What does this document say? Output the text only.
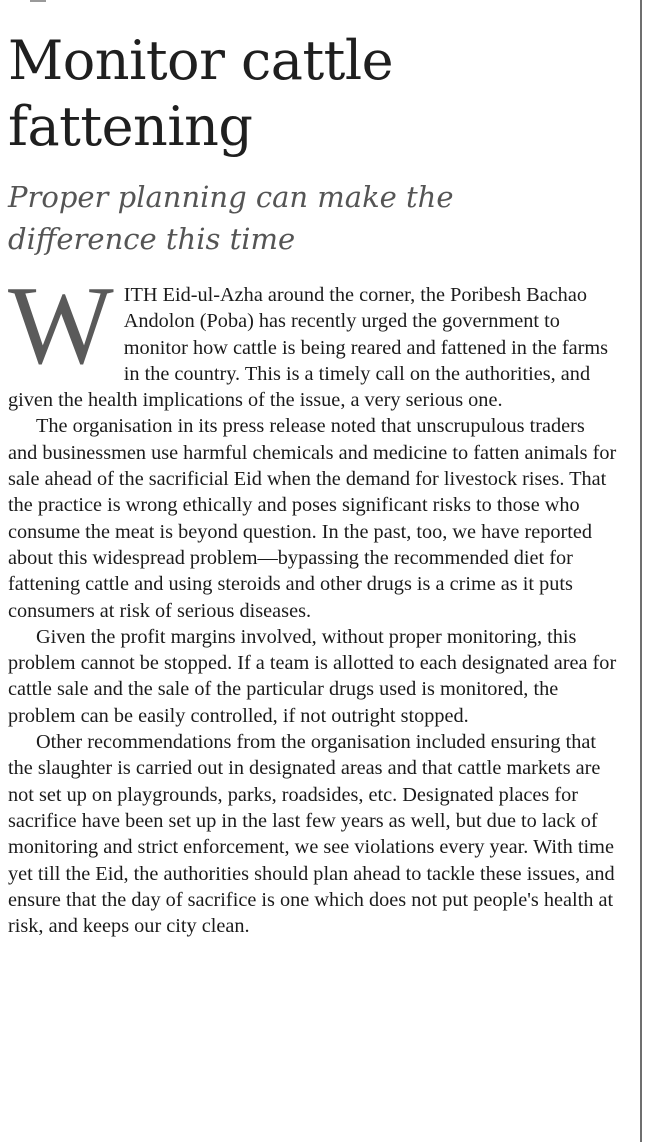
Monitor cattle fattening
Proper planning can make the difference this time

WITH Eid-ul-Azha around the corner, the Poribesh Bachao Andolon (Poba) has recently urged the government to monitor how cattle is being reared and fattened in the farms in the country. This is a timely call on the authorities, and given the health implications of the issue, a very serious one.

The organisation in its press release noted that unscrupulous traders and businessmen use harmful chemicals and medicine to fatten animals for sale ahead of the sacrificial Eid when the demand for livestock rises. That the practice is wrong ethically and poses significant risks to those who consume the meat is beyond question. In the past, too, we have reported about this widespread problem—bypassing the recommended diet for fattening cattle and using steroids and other drugs is a crime as it puts consumers at risk of serious diseases.

Given the profit margins involved, without proper monitoring, this problem cannot be stopped. If a team is allotted to each designated area for cattle sale and the sale of the particular drugs used is monitored, the problem can be easily controlled, if not outright stopped.

Other recommendations from the organisation included ensuring that the slaughter is carried out in designated areas and that cattle markets are not set up on playgrounds, parks, roadsides, etc. Designated places for sacrifice have been set up in the last few years as well, but due to lack of monitoring and strict enforcement, we see violations every year. With time yet till the Eid, the authorities should plan ahead to tackle these issues, and ensure that the day of sacrifice is one which does not put people's health at risk, and keeps our city clean.
